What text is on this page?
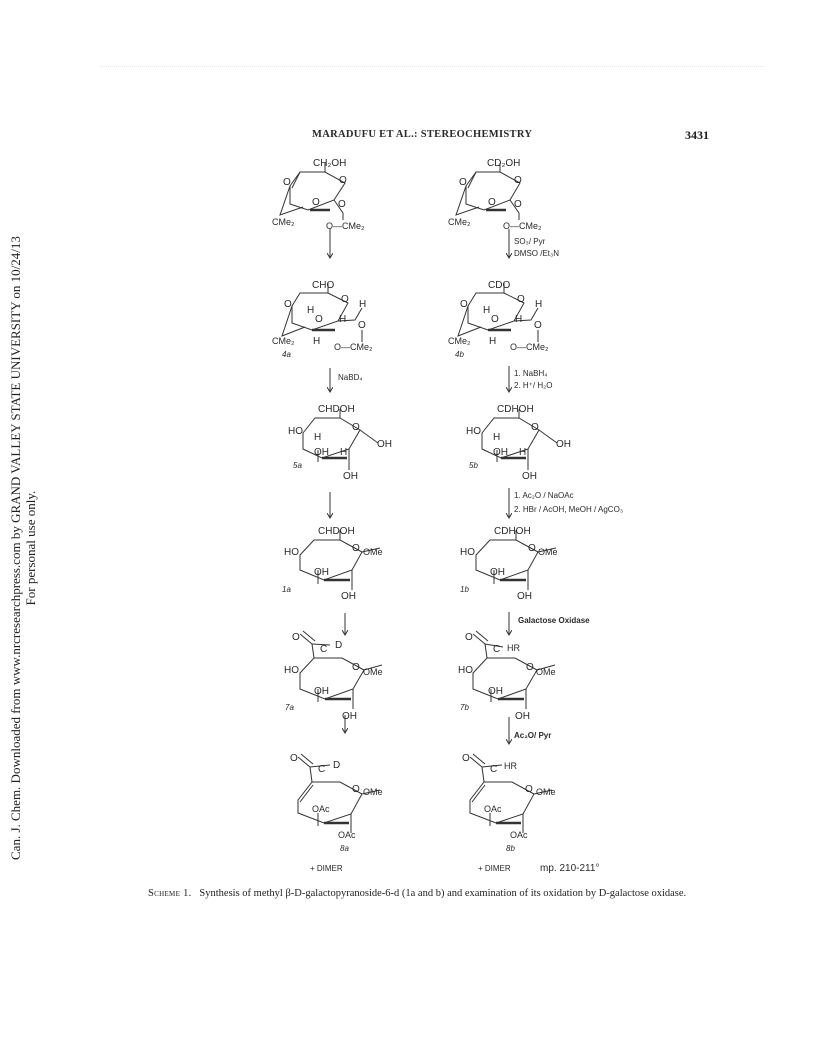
Can. J. Chem. Downloaded from www.nrcresearchpress.com by GRAND VALLEY STATE UNIVERSITY on 10/24/13 For personal use only.
MARADUFU ET AL.: STEREOCHEMISTRY	3431
CH₂OH
O	O
O O
CMe₂	O—CMe₂
CHO
O	O H
H
O H
O
CMe₂ H O—CMe₂
4a
NaBD₄
CHDOH
HO	O
H
OH
OH H
5a
OH
CHDOH
HO	O OMe
OH
1a
OH
O
C D
HO	O OMe
OH
7a
OH
O
C D
O OMe
OAc
OAc
8a
+ DIMER
CD₂OH
O	O
O O
CMe₂	O—CMe₂
SO₃/ Pyr
DMSO /Et₃N
CDO
O	O H
H
O H
O
CMe₂ H O—CMe₂
4b
1. NaBH₄
2. H⁺/ H₂O
CDHOH
HO	O
H
OH
OH H
5b
OH
1. Ac₂O / NaOAc
2. HBr / AcOH, MeOH / AgCO₃
CDHOH
HO	O OMe
OH
1b
OH
Galactose Oxidase
O
C HR
HO	O OMe
OH
7b
OH
Ac₂O/ Pyr
O
C HR
O OMe
OAc
OAc
8b
+ DIMER	mp. 210-211°
Scheme 1. Synthesis of methyl β-D-galactopyranoside-6-d (1a and b) and examination of its oxidation by D-galactose oxidase.
